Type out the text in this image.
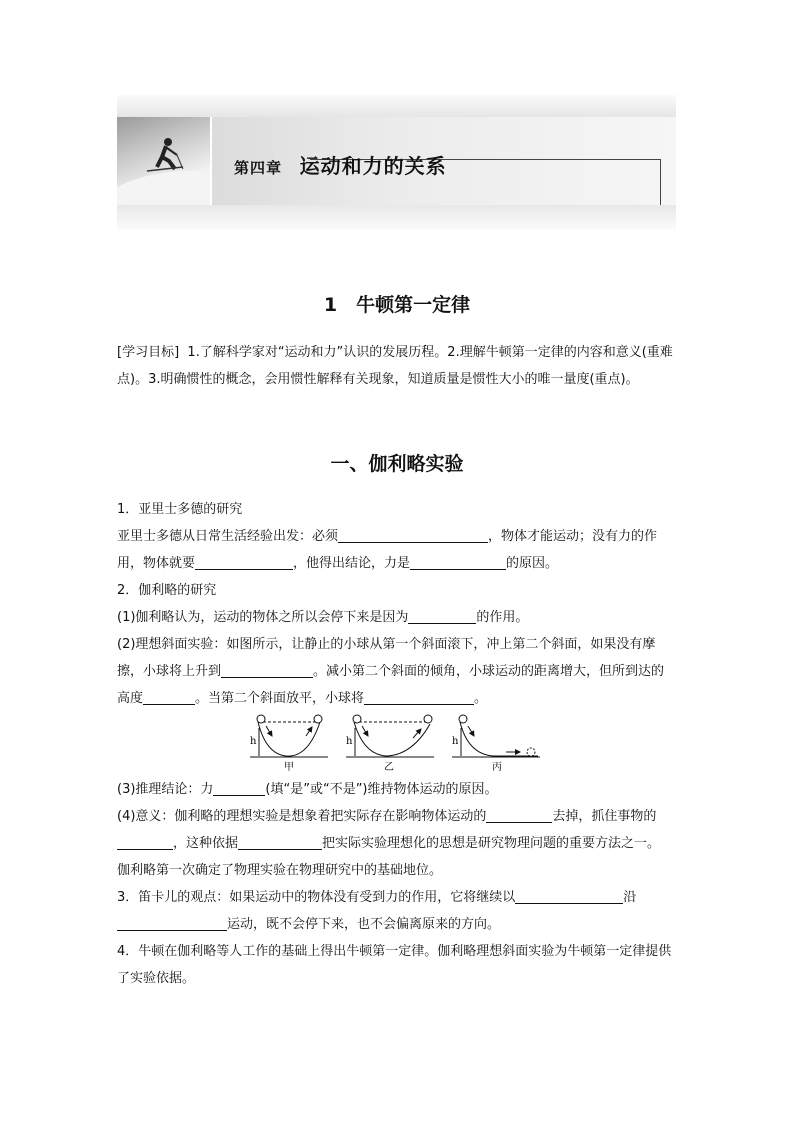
第四章 运动和力的关系
1　牛顿第一定律
[学习目标] 1.了解科学家对“运动和力”认识的发展历程。2.理解牛顿第一定律的内容和意义(重难点)。3.明确惯性的概念，会用惯性解释有关现象，知道质量是惯性大小的唯一量度(重点)。
一、伽利略实验

1．亚里士多德的研究

亚里士多德从日常生活经验出发：必须	，物体才能运动；没有力的作用，物体就要	，他得出结论，力是	的原因。

2．伽利略的研究

(1)伽利略认为，运动的物体之所以会停下来是因为	的作用。

(2)理想斜面实验：如图所示，让静止的小球从第一个斜面滚下，冲上第二个斜面，如果没有摩擦，小球将上升到	。减小第二个斜面的倾角，小球运动的距离增大，但所到达的高度	。当第二个斜面放平，小球将	。

h
甲
h
乙
h
丙

(3)推理结论：力	(填“是”或“不是”)维持物体运动的原因。

(4)意义：伽利略的理想实验是想象着把实际存在影响物体运动的	去掉，抓住事物的，这种依据	把实际实验理想化的思想是研究物理问题的重要方法之一。

伽利略第一次确定了物理实验在物理研究中的基础地位。

3．笛卡儿的观点：如果运动中的物体没有受到力的作用，它将继续以	沿运动，既不会停下来，也不会偏离原来的方向。

4．牛顿在伽利略等人工作的基础上得出牛顿第一定律。伽利略理想斜面实验为牛顿第一定律提供了实验依据。
